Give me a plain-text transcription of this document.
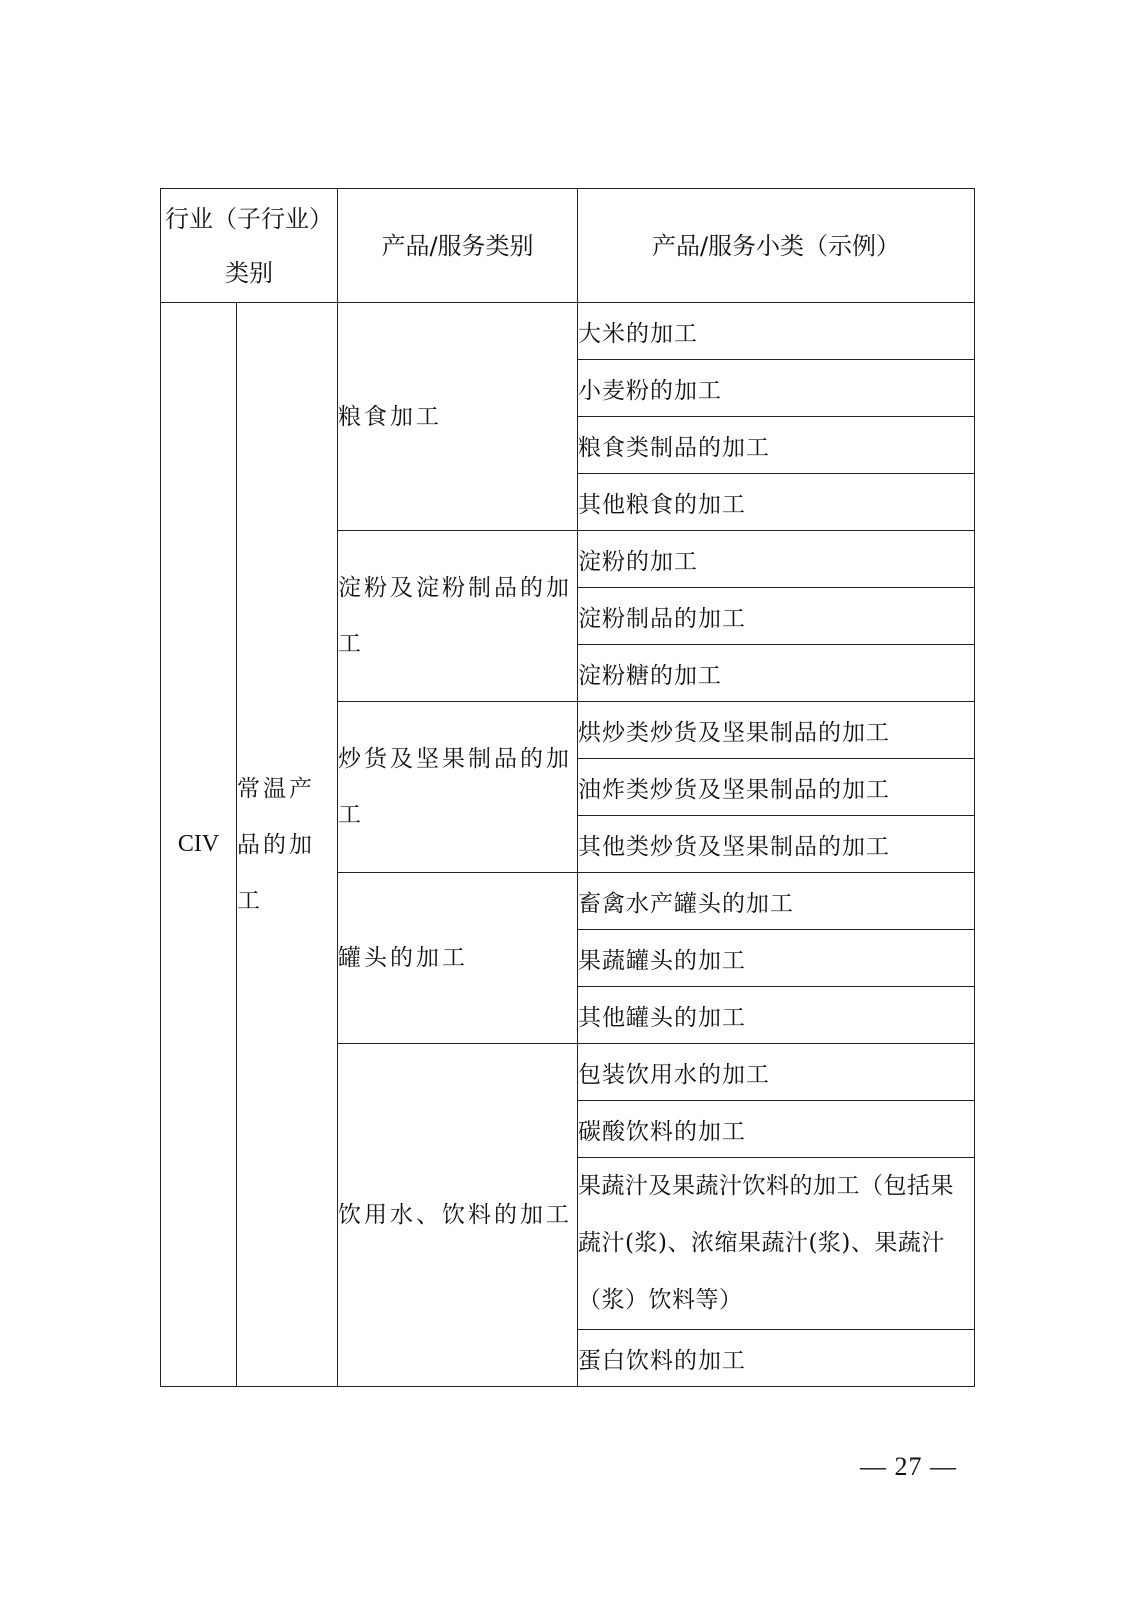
行业（子行业）类别		产品/服务类别	产品/服务小类（示例）
CIV	常温产品的加工	粮食加工	大米的加工
			小麦粉的加工
			粮食类制品的加工
			其他粮食的加工
		淀粉及淀粉制品的加工	淀粉的加工
			淀粉制品的加工
			淀粉糖的加工
		炒货及坚果制品的加工	烘炒类炒货及坚果制品的加工
			油炸类炒货及坚果制品的加工
			其他类炒货及坚果制品的加工
		罐头的加工	畜禽水产罐头的加工
			果蔬罐头的加工
			其他罐头的加工
		饮用水、饮料的加工	包装饮用水的加工
			碳酸饮料的加工
			果蔬汁及果蔬汁饮料的加工（包括果蔬汁(浆)、浓缩果蔬汁(浆)、果蔬汁（浆）饮料等）
			蛋白饮料的加工
— 27 —
